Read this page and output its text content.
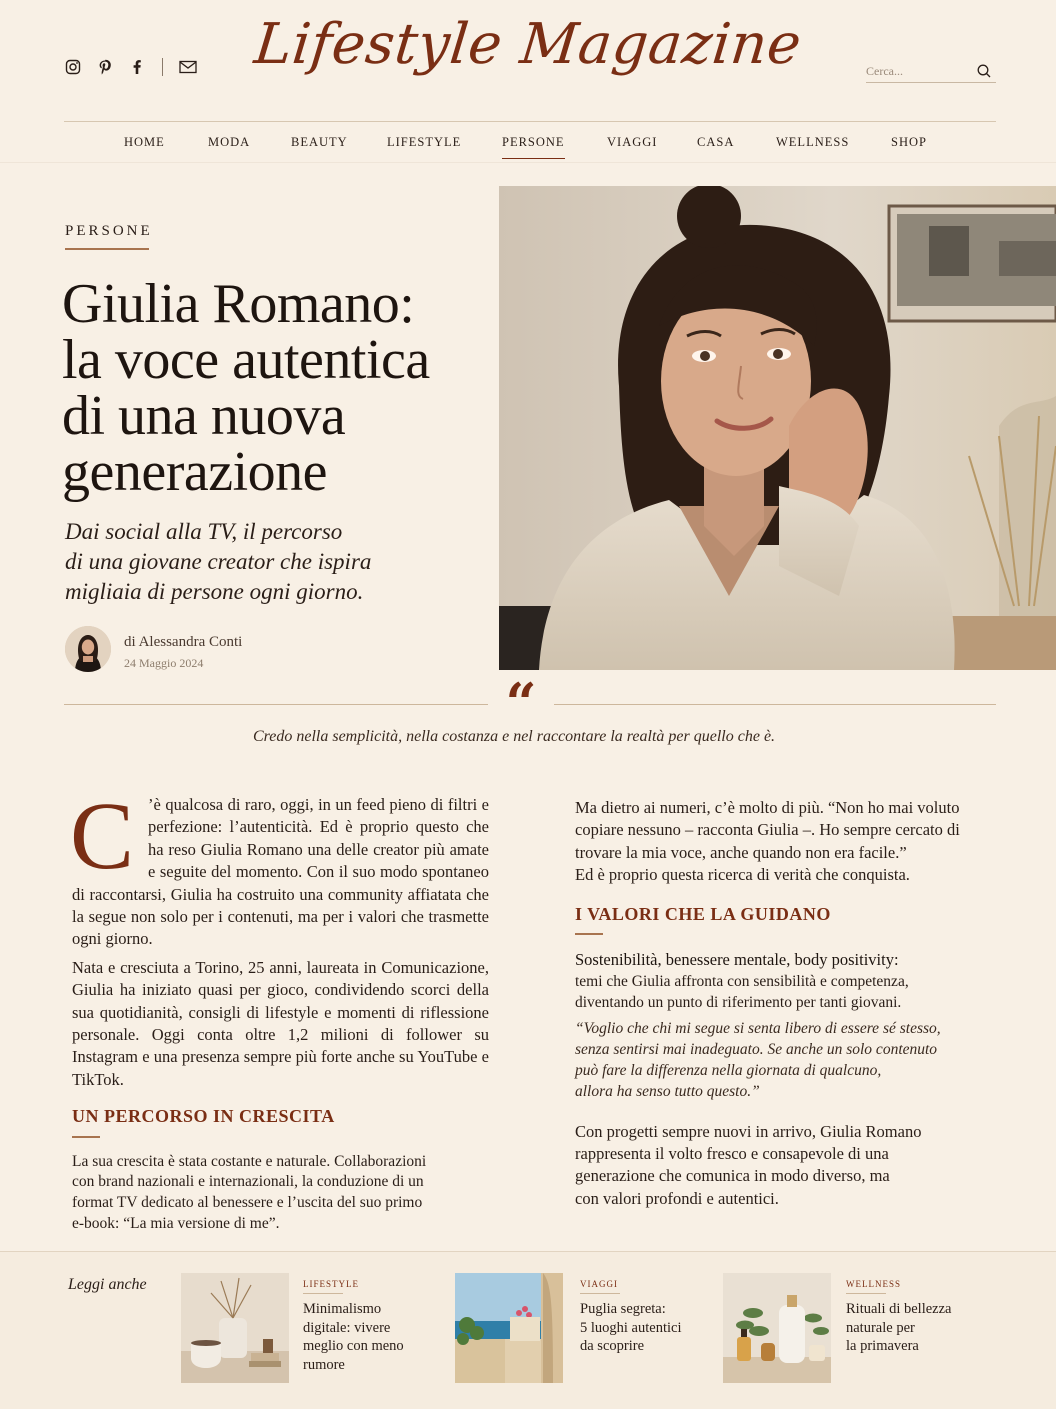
Lifestyle Magazine
Cerca...
HOME	MODA	BEAUTY	LIFESTYLE	PERSONE	VIAGGI	CASA	WELLNESS	SHOP
PERSONE
Giulia Romano:
la voce autentica
di una nuova
generazione

Dai social alla TV, il percorso
di una giovane creator che ispira
migliaia di persone ogni giorno.

di Alessandra Conti
24 Maggio 2024
“
Credo nella semplicità, nella costanza e nel raccontare la realtà per quello che è.

C ’è qualcosa di raro, oggi, in un feed pieno di filtri e perfezione: l’autenticità. Ed è proprio questo che ha reso Giulia Romano una delle creator più amate e seguite del momento. Con il suo modo spontaneo di raccontarsi, Giulia ha costruito una community affiatata che la segue non solo per i contenuti, ma per i valori che trasmette ogni giorno.

Nata e cresciuta a Torino, 25 anni, laureata in Comunicazione, Giulia ha iniziato quasi per gioco, condividendo scorci della sua quotidianità, consigli di lifestyle e momenti di riflessione personale. Oggi conta oltre 1,2 milioni di follower su Instagram e una presenza sempre più forte anche su YouTube e TikTok.

UN PERCORSO IN CRESCITA

La sua crescita è stata costante e naturale. Collaborazioni
con brand nazionali e internazionali, la conduzione di un
format TV dedicato al benessere e l’uscita del suo primo
e-book: “La mia versione di me”.

Ma dietro ai numeri, c’è molto di più. “Non ho mai voluto
copiare nessuno – racconta Giulia –. Ho sempre cercato di
trovare la mia voce, anche quando non era facile.”
Ed è proprio questa ricerca di verità che conquista.

I VALORI CHE LA GUIDANO

Sostenibilità, benessere mentale, body positivity:

temi che Giulia affronta con sensibilità e competenza,
diventando un punto di riferimento per tanti giovani.

“Voglio che chi mi segue si senta libero di essere sé stesso,
senza sentirsi mai inadeguato. Se anche un solo contenuto
può fare la differenza nella giornata di qualcuno,
allora ha senso tutto questo.”

Con progetti sempre nuovi in arrivo, Giulia Romano
rappresenta il volto fresco e consapevole di una
generazione che comunica in modo diverso, ma
con valori profondi e autentici.

Leggi anche	LIFESTYLE
Minimalismo
digitale: vivere
meglio con meno
rumore
VIAGGI
Puglia segreta:
5 luoghi autentici
da scoprire
WELLNESS
Rituali di bellezza
naturale per
la primavera
